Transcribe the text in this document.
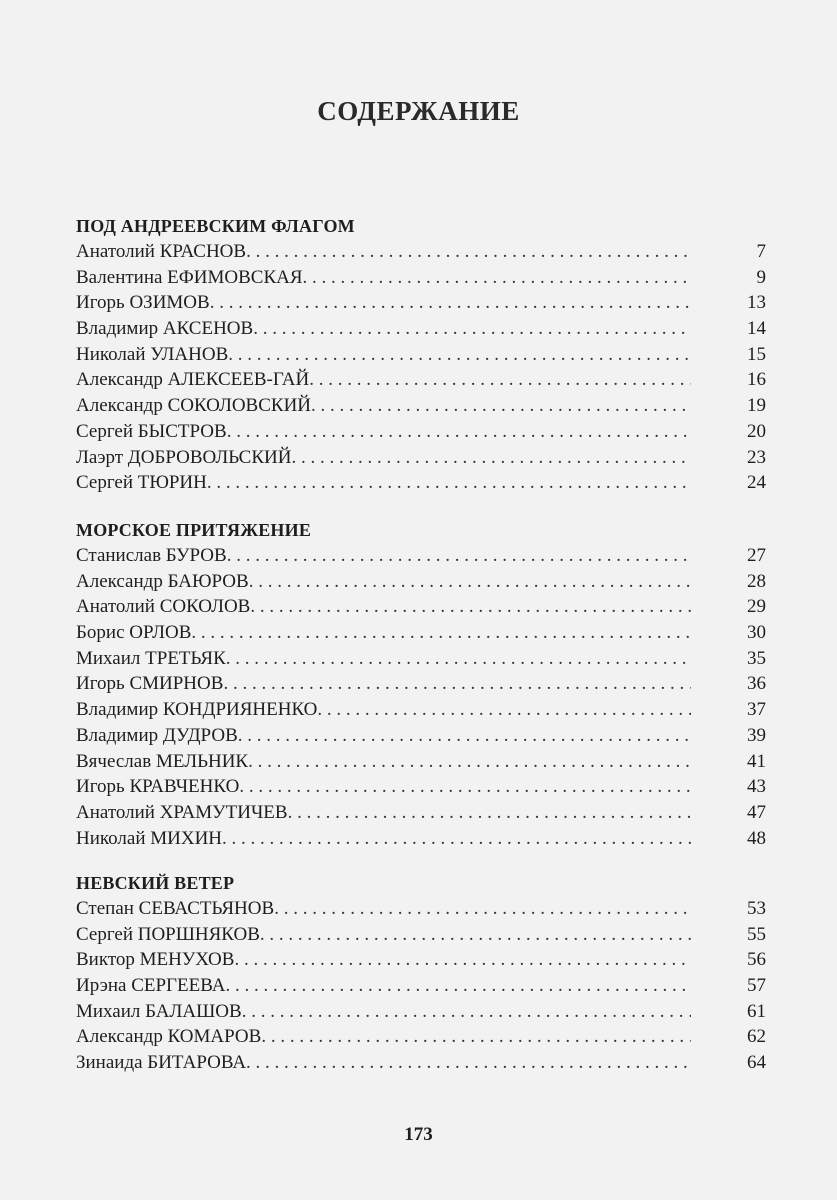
СОДЕРЖАНИЕ
ПОД АНДРЕЕВСКИМ ФЛАГОМ
Анатолий КРАСНОВ . . .	7
Валентина ЕФИМОВСКАЯ . . .	9
Игорь ОЗИМОВ . . .	13
Владимир АКСЕНОВ . . .	14
Николай УЛАНОВ . . .	15
Александр АЛЕКСЕЕВ-ГАЙ . . .	16
Александр СОКОЛОВСКИЙ . . .	19
Сергей БЫСТРОВ . . .	20
Лаэрт ДОБРОВОЛЬСКИЙ . . .	23
Сергей ТЮРИН . . .	24
МОРСКОЕ ПРИТЯЖЕНИЕ
Станислав БУРОВ . . .	27
Александр БАЮРОВ . . .	28
Анатолий СОКОЛОВ . . .	29
Борис ОРЛОВ . . .	30
Михаил ТРЕТЬЯК . . .	35
Игорь СМИРНОВ . . .	36
Владимир КОНДРИЯНЕНКО . . .	37
Владимир ДУДРОВ . . .	39
Вячеслав МЕЛЬНИК . . .	41
Игорь КРАВЧЕНКО . . .	43
Анатолий ХРАМУТИЧЕВ . . .	47
Николай МИХИН . . .	48
НЕВСКИЙ ВЕТЕР
Степан СЕВАСТЬЯНОВ . . .	53
Сергей ПОРШНЯКОВ . . .	55
Виктор МЕНУХОВ . . .	56
Ирэна СЕРГЕЕВА . . .	57
Михаил БАЛАШОВ . . .	61
Александр КОМАРОВ . . .	62
Зинаида БИТАРОВА . . .	64
173
